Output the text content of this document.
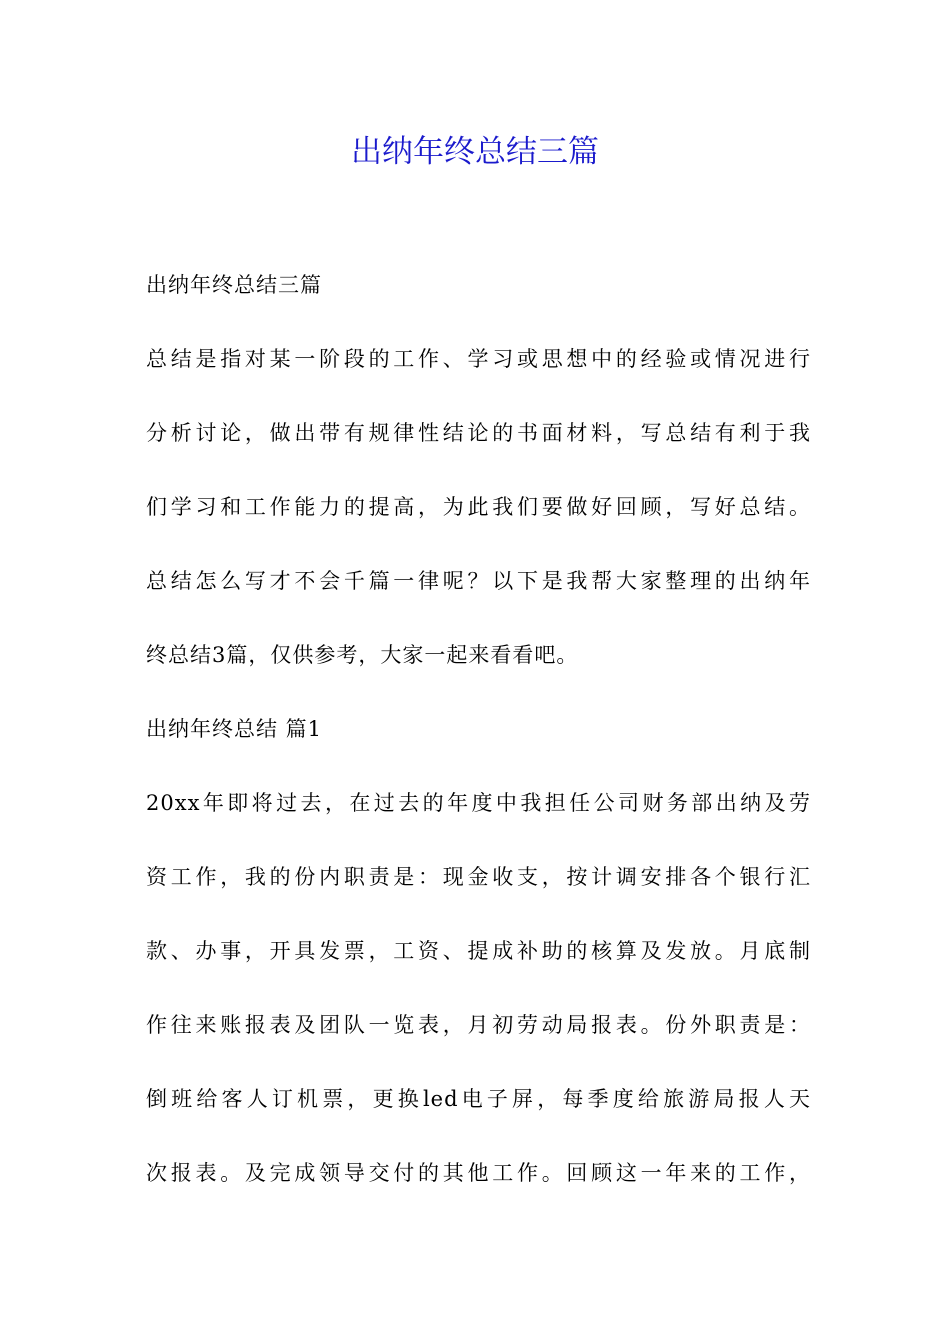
出纳年终总结三篇
出纳年终总结三篇
总结是指对某一阶段的工作、学习或思想中的经验或情况进行
分析讨论，做出带有规律性结论的书面材料，写总结有利于我
们学习和工作能力的提高，为此我们要做好回顾，写好总结。
总结怎么写才不会千篇一律呢？以下是我帮大家整理的出纳年
终总结3篇，仅供参考，大家一起来看看吧。
出纳年终总结 篇1
20xx年即将过去，在过去的年度中我担任公司财务部出纳及劳
资工作，我的份内职责是：现金收支，按计调安排各个银行汇
款、办事，开具发票，工资、提成补助的核算及发放。月底制
作往来账报表及团队一览表，月初劳动局报表。份外职责是：
倒班给客人订机票，更换led电子屏，每季度给旅游局报人天
次报表。及完成领导交付的其他工作。回顾这一年来的工作，
